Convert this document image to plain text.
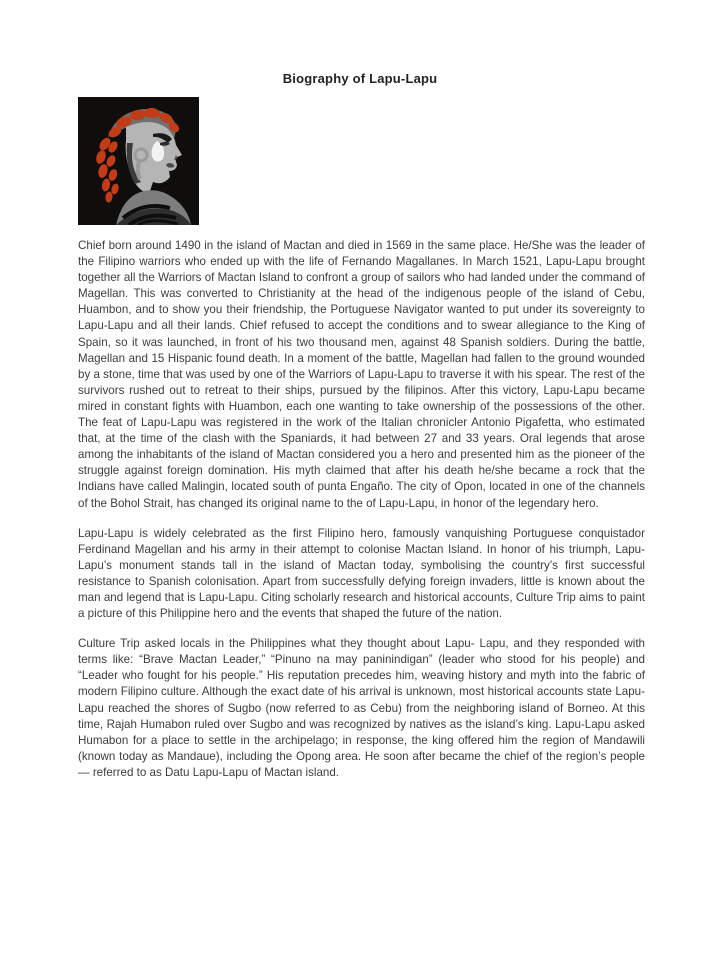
Biography of Lapu-Lapu

Chief born around 1490 in the island of Mactan and died in 1569 in the same place. He/She was the leader of the Filipino warriors who ended up with the life of Fernando Magallanes. In March 1521, Lapu-Lapu brought together all the Warriors of Mactan Island to confront a group of sailors who had landed under the command of Magellan. This was converted to Christianity at the head of the indigenous people of the island of Cebu, Huambon, and to show you their friendship, the Portuguese Navigator wanted to put under its sovereignty to Lapu-Lapu and all their lands. Chief refused to accept the conditions and to swear allegiance to the King of Spain, so it was launched, in front of his two thousand men, against 48 Spanish soldiers. During the battle, Magellan and 15 Hispanic found death. In a moment of the battle, Magellan had fallen to the ground wounded by a stone, time that was used by one of the Warriors of Lapu-Lapu to traverse it with his spear. The rest of the survivors rushed out to retreat to their ships, pursued by the filipinos. After this victory, Lapu-Lapu became mired in constant fights with Huambon, each one wanting to take ownership of the possessions of the other. The feat of Lapu-Lapu was registered in the work of the Italian chronicler Antonio Pigafetta, who estimated that, at the time of the clash with the Spaniards, it had between 27 and 33 years. Oral legends that arose among the inhabitants of the island of Mactan considered you a hero and presented him as the pioneer of the struggle against foreign domination. His myth claimed that after his death he/she became a rock that the Indians have called Malingin, located south of punta Engaño. The city of Opon, located in one of the channels of the Bohol Strait, has changed its original name to the of Lapu-Lapu, in honor of the legendary hero.

Lapu-Lapu is widely celebrated as the first Filipino hero, famously vanquishing Portuguese conquistador Ferdinand Magellan and his army in their attempt to colonise Mactan Island. In honor of his triumph, Lapu-Lapu’s monument stands tall in the island of Mactan today, symbolising the country’s first successful resistance to Spanish colonisation. Apart from successfully defying foreign invaders, little is known about the man and legend that is Lapu-Lapu. Citing scholarly research and historical accounts, Culture Trip aims to paint a picture of this Philippine hero and the events that shaped the future of the nation.

Culture Trip asked locals in the Philippines what they thought about Lapu- Lapu, and they responded with terms like: “Brave Mactan Leader,” “Pinuno na may paninindigan” (leader who stood for his people) and “Leader who fought for his people.” His reputation precedes him, weaving history and myth into the fabric of modern Filipino culture. Although the exact date of his arrival is unknown, most historical accounts state Lapu-Lapu reached the shores of Sugbo (now referred to as Cebu) from the neighboring island of Borneo. At this time, Rajah Humabon ruled over Sugbo and was recognized by natives as the island’s king. Lapu-Lapu asked Humabon for a place to settle in the archipelago; in response, the king offered him the region of Mandawili (known today as Mandaue), including the Opong area. He soon after became the chief of the region’s people — referred to as Datu Lapu-Lapu of Mactan island.
